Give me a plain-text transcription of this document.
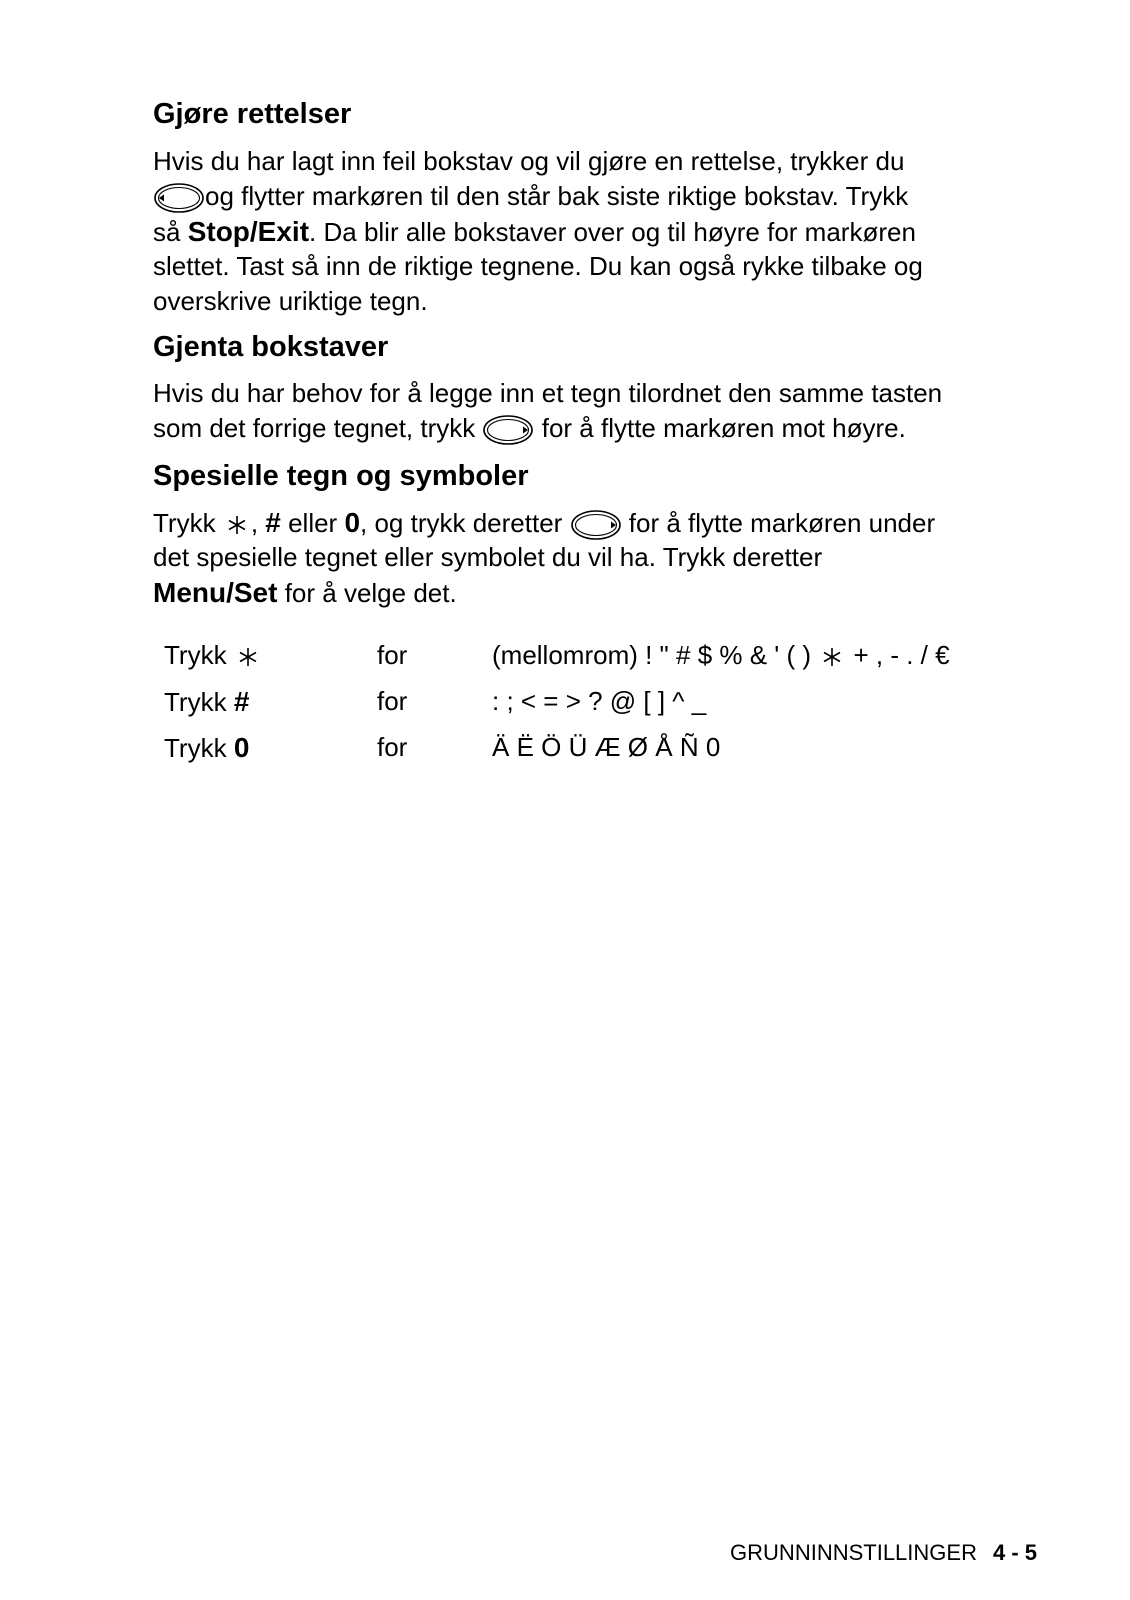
Gjøre rettelser
Hvis du har lagt inn feil bokstav og vil gjøre en rettelse, trykker du
og flytter markøren til den står bak siste riktige bokstav. Trykk
så Stop/Exit. Da blir alle bokstaver over og til høyre for markøren
slettet. Tast så inn de riktige tegnene. Du kan også rykke tilbake og
overskrive uriktige tegn.
Gjenta bokstaver
Hvis du har behov for å legge inn et tegn tilordnet den samme tasten
som det forrige tegnet, trykk	for å flytte markøren mot høyre.
Spesielle tegn og symboler
Trykk , # eller 0, og trykk deretter	for å flytte markøren under
det spesielle tegnet eller symbolet du vil ha. Trykk deretter
Menu/Set for å velge det.
Trykk	for	(mellomrom) ! " # $ % & ' ( ) + , - . / €
Trykk #	for	: ; < = > ? @ [ ] ^ _
Trykk 0	for	Ä Ë Ö Ü Æ Ø Å Ñ 0
GRUNNINNSTILLINGER 4 - 5
